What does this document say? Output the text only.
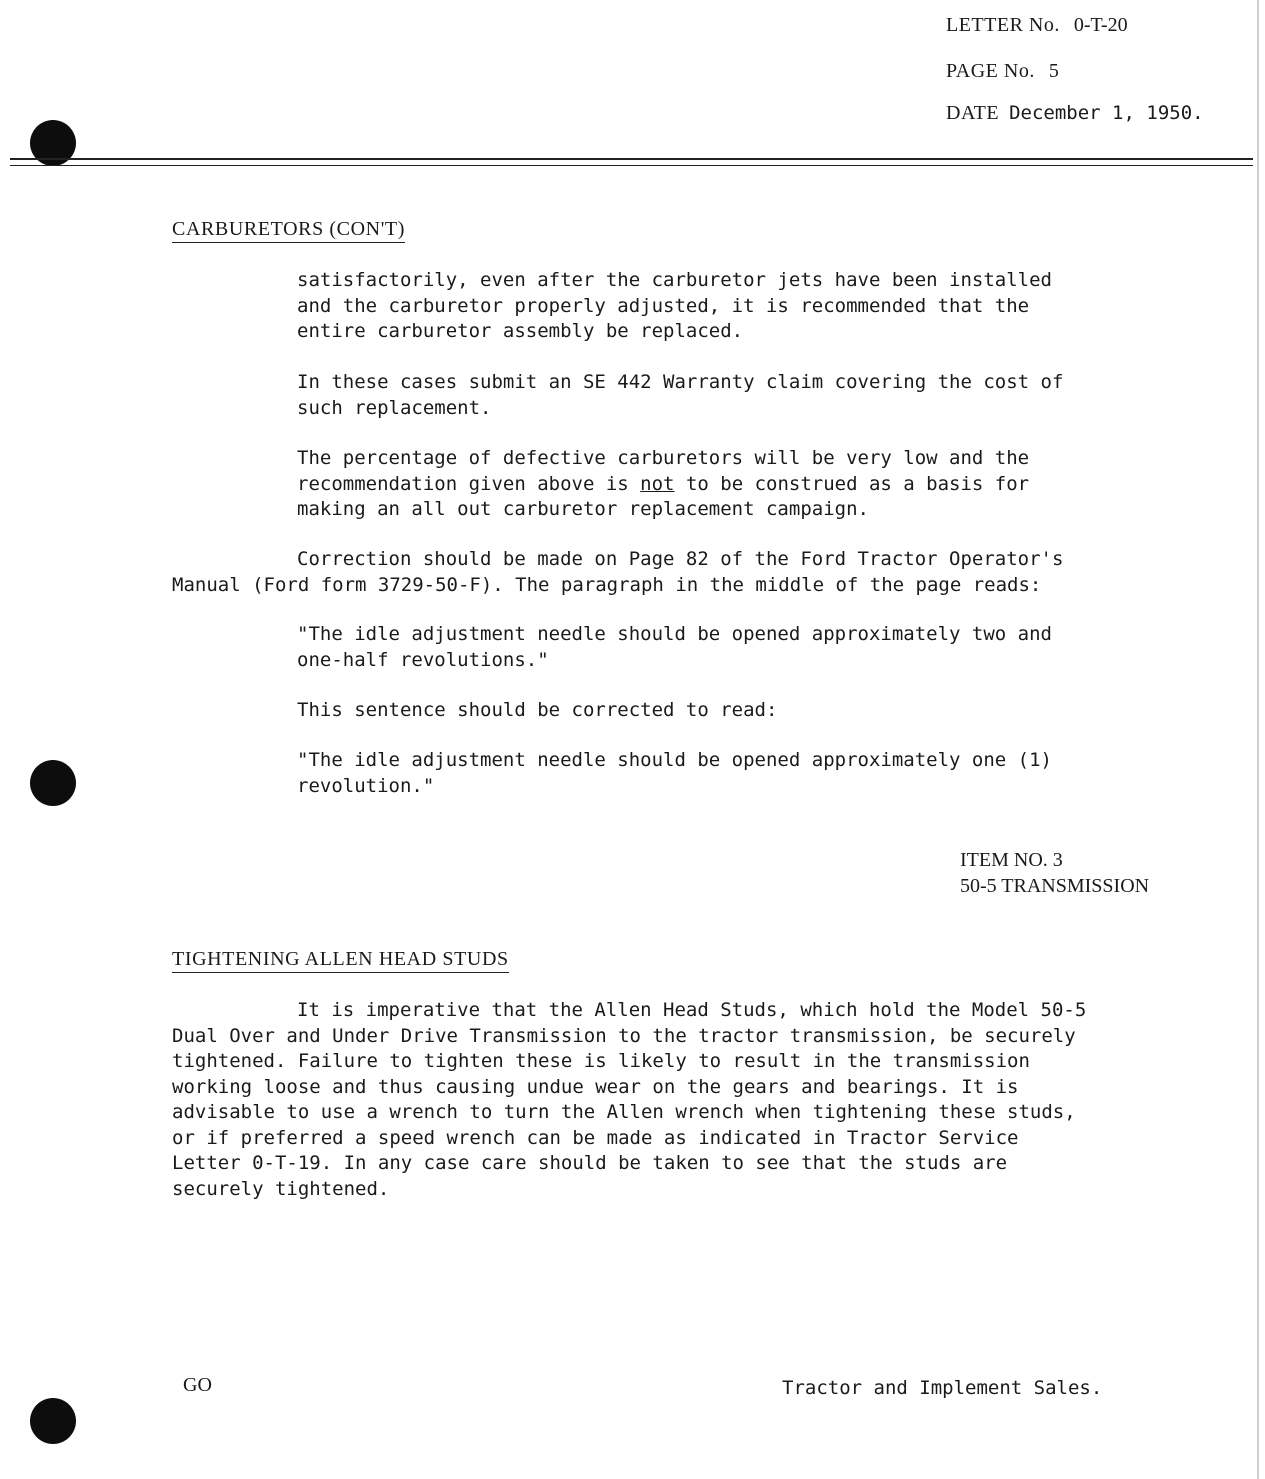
LETTER No. 0-T-20
PAGE No. 5
DATE December 1, 1950.
CARBURETORS (CON'T)
satisfactorily, even after the carburetor jets have been installed
and the carburetor properly adjusted, it is recommended that the
entire carburetor assembly be replaced.
In these cases submit an SE 442 Warranty claim covering the cost of
such replacement.
The percentage of defective carburetors will be very low and the
recommendation given above is not to be construed as a basis for
making an all out carburetor replacement campaign.
Correction should be made on Page 82 of the Ford Tractor Operator's
Manual (Ford form 3729-50-F). The paragraph in the middle of the page reads:
"The idle adjustment needle should be opened approximately two and
one-half revolutions."
This sentence should be corrected to read:
"The idle adjustment needle should be opened approximately one (1)
revolution."
ITEM NO. 3
50-5 TRANSMISSION
TIGHTENING ALLEN HEAD STUDS
It is imperative that the Allen Head Studs, which hold the Model 50-5
Dual Over and Under Drive Transmission to the tractor transmission, be securely
tightened. Failure to tighten these is likely to result in the transmission
working loose and thus causing undue wear on the gears and bearings. It is
advisable to use a wrench to turn the Allen wrench when tightening these studs,
or if preferred a speed wrench can be made as indicated in Tractor Service
Letter 0-T-19. In any case care should be taken to see that the studs are
securely tightened.
GO	Tractor and Implement Sales.
